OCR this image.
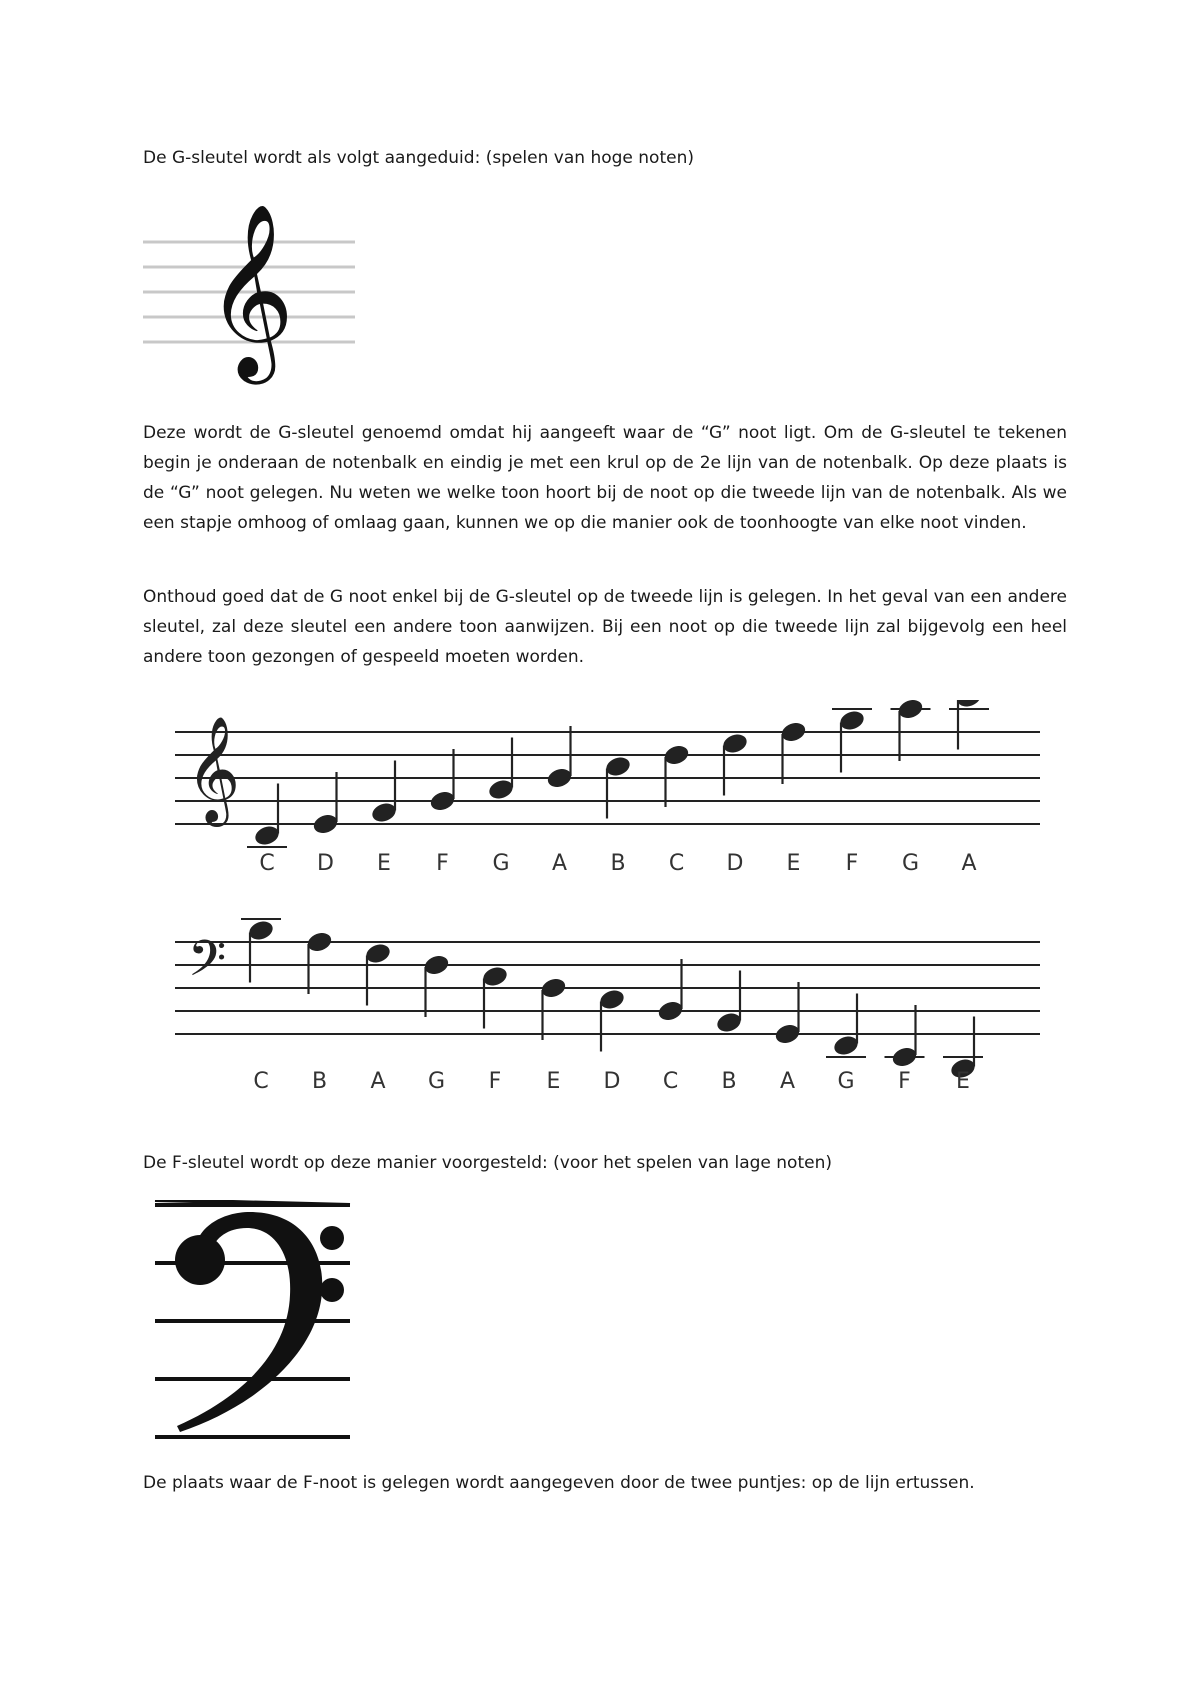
De G-sleutel wordt als volgt aangeduid: (spelen van hoge noten)
𝄞
Deze wordt de G-sleutel genoemd omdat hij aangeeft waar de “G” noot ligt. Om de G-sleutel te tekenen begin je onderaan de notenbalk en eindig je met een krul op de 2e lijn van de notenbalk. Op deze plaats is de “G” noot gelegen. Nu weten we welke toon hoort bij de noot op die tweede lijn van de notenbalk. Als we een stapje omhoog of omlaag gaan, kunnen we op die manier ook de toonhoogte van elke noot vinden.
Onthoud goed dat de G noot enkel bij de G-sleutel op de tweede lijn is gelegen. In het geval van een andere sleutel, zal deze sleutel een andere toon aanwijzen. Bij een noot op die tweede lijn zal bijgevolg een heel andere toon gezongen of gespeeld moeten worden.
𝄞
C D E F G A B C D E F G A
𝄢
C B A G F E D C B A G F E
De F-sleutel wordt op deze manier voorgesteld: (voor het spelen van lage noten)
De plaats waar de F-noot is gelegen wordt aangegeven door de twee puntjes: op de lijn ertussen.
